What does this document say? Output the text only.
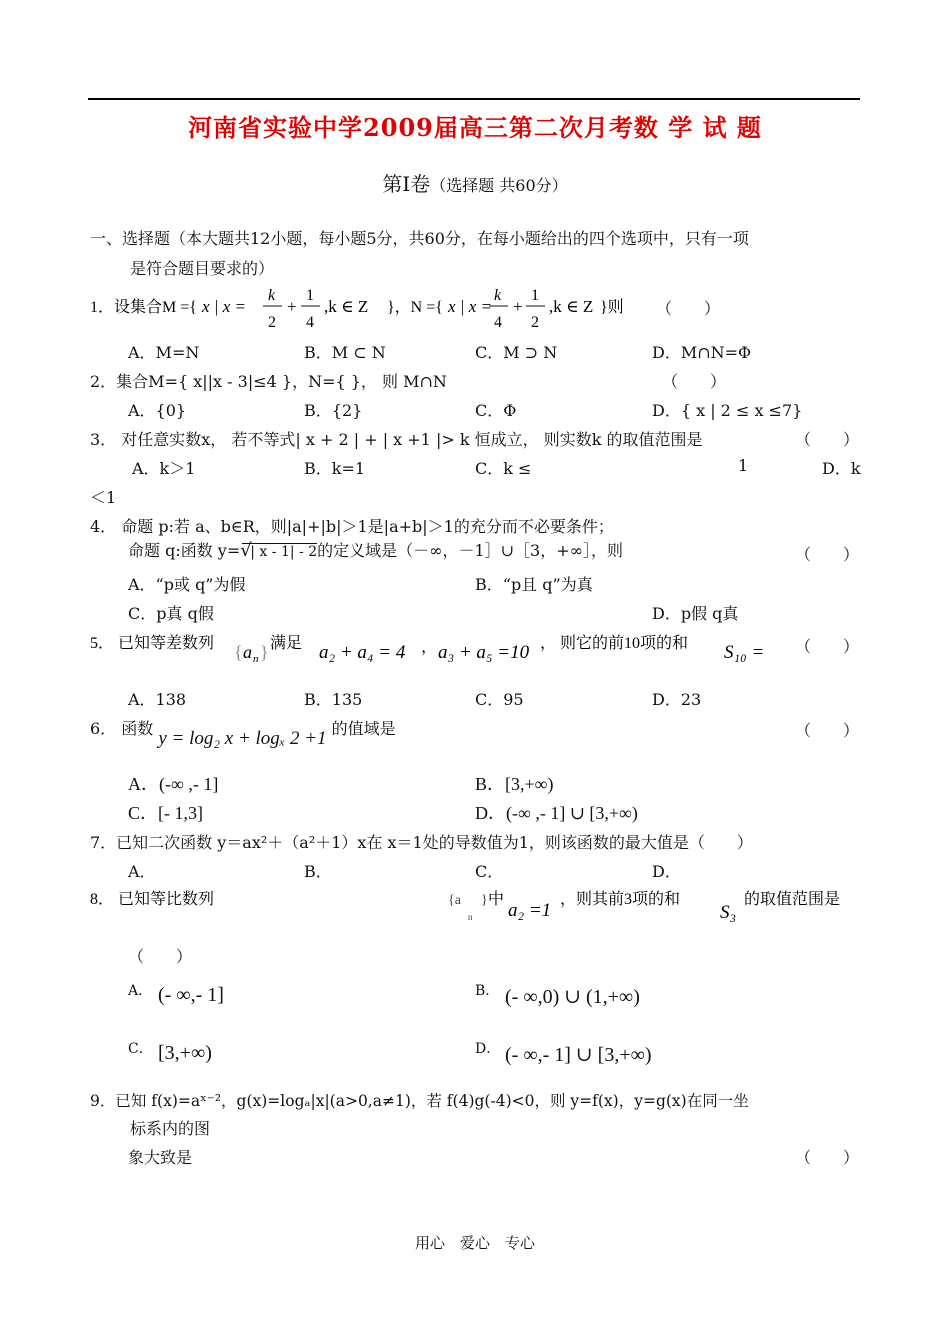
河南省实验中学2009届高三第二次月考数 学 试 题
第Ⅰ卷（选择题 共60分）
一、选择题（本大题共12小题，每小题5分，共60分，在每小题给出的四个选项中，只有一项
是符合题目要求的）
1．设集合M ={ x | x =
k
2
+
1
4
,k ∈ Z }，N ={ x | x =
k
4
+
1
2
,k ∈ Z }则 （　　）
A．M=N	B．M ⊂ N	C．M ⊃ N	D．M∩N=Φ
2．集合M={ x||x - 3|≤4 }，N={ }， 则 M∩N	（　　）
A．{0}	B．{2}	C．Φ	D．{ x | 2 ≤ x ≤7}
3． 对任意实数x， 若不等式| x + 2 | + | x +1 |> k 恒成立， 则实数k 的取值范围是	（　　）
A．k＞1	B．k=1	C．k ≤	1	D．k
＜1
4． 命题 p:若 a、b∈R，则|a|+|b|＞1是|a+b|＞1的充分而不必要条件；
命题 q:函数 y= √
| x - 1| - 2的定义域是（－∞，－1］∪［3，+∞］，则	（　　）
A．“p或 q”为假	B．“p且 q”为真
C．p真 q假	D．p假 q真
5． 已知等差数列 { a n } 满足 a₂ + a₄ = 4 ， a₃ + a₅ =10 ， 则它的前10项的和 S₁₀ = （　　）
A．138	B．135	C．95	D．23
6． 函数 y = log₂ x + logₓ 2 +1 的值域是	（　　）
A．(-∞ ,- 1]	B．[3,+∞)
C．[- 1,3]	D．(-∞ ,- 1] ∪ [3,+∞)
7．已知二次函数 y＝ax²＋（a²＋1）x在 x＝1处的导数值为1，则该函数的最大值是（　　）
A．	B．	C．	D．
8． 已知等比数列	{a
n
} 中
a₂ =1
，则其前3项的和
S₃
的取值范围是
（　　）
A． (- ∞,- 1]	B． (- ∞,0) ∪ (1,+∞)
C． [3,+∞)	D． (- ∞,- 1] ∪ [3,+∞)
9．已知 f(x)=aˣ⁻²，g(x)=logₐ|x|(a>0,a≠1)，若 f(4)g(-4)<0，则 y=f(x)，y=g(x)在同一坐
标系内的图
象大致是	（　　）
用心　爱心　专心
